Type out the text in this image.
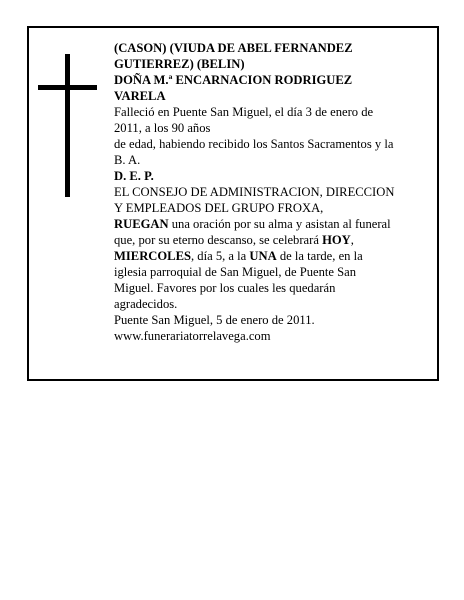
(CASON) (VIUDA DE ABEL FERNANDEZ
GUTIERREZ) (BELIN)
DOÑA M.ª ENCARNACION RODRIGUEZ
VARELA
Falleció en Puente San Miguel, el día 3 de enero de
2011, a los 90 años
de edad, habiendo recibido los Santos Sacramentos y la
B. A.
D. E. P.
EL CONSEJO DE ADMINISTRACION, DIRECCION
Y EMPLEADOS DEL GRUPO FROXA,
RUEGAN una oración por su alma y asistan al funeral
que, por su eterno descanso, se celebrará HOY,
MIERCOLES, día 5, a la UNA de la tarde, en la
iglesia parroquial de San Miguel, de Puente San
Miguel. Favores por los cuales les quedarán
agradecidos.
Puente San Miguel, 5 de enero de 2011.
www.funerariatorrelavega.com
